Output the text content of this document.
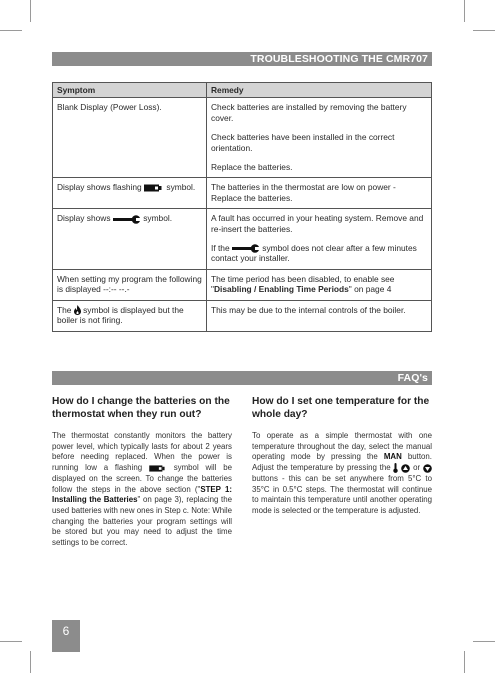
TROUBLESHOOTING THE CMR707
Symptom	Remedy
Blank Display (Power Loss).	Check batteries are installed by removing the battery cover.

Check batteries have been installed in the correct orientation.

Replace the batteries.

Display shows flashing symbol.	The batteries in the thermostat are low on power - Replace the batteries.
Display shows symbol.	A fault has occurred in your heating system. Remove and re-insert the batteries.

If the symbol does not clear after a few minutes contact your installer.

When setting my program the following is displayed --:-- --.-	The time period has been disabled, to enable see "Disabling / Enabling Time Periods" on page 4
The symbol is displayed but the boiler is not firing.	This may be due to the internal controls of the boiler.
FAQ's
How do I change the batteries on the thermostat when they run out?
The thermostat constantly monitors the battery power level, which typically lasts for about 2 years before needing replaced. When the power is running low a flashing	symbol will be displayed on the screen. To change the batteries follow the steps in the above section ("STEP 1: Installing the Batteries" on page 3), replacing the used batteries with new ones in Step c. Note: While changing the batteries your program settings will be stored but you may need to adjust the time settings to be correct.
How do I set one temperature for the whole day?
To operate as a simple thermostat with one temperature throughout the day, select the manual operating mode by pressing the MAN button. Adjust the temperature by pressing the	or  buttons - this can be set anywhere from 5°C to 35°C in 0.5°C steps. The thermostat will continue to maintain this temperature until another operating mode is selected or the temperature is adjusted.
6
